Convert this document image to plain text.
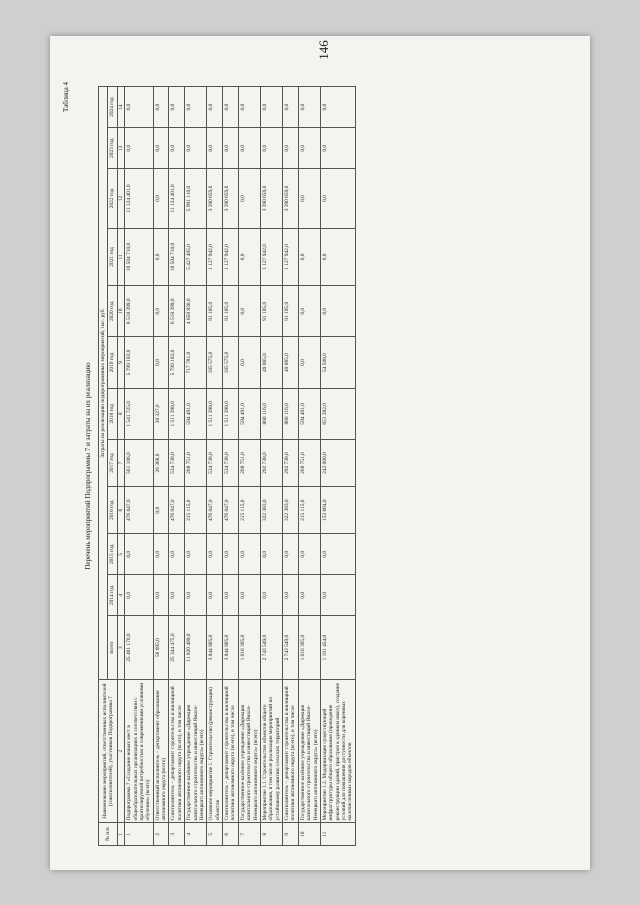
146
Таблица 4
Перечень мероприятий Подпрограммы 7 и затраты на их реализацию
№ п/п	Наименование мероприятий, ответственных исполнителей (соисполнителей), участников Подпрограммы 7	Затраты на реализацию подпрограммных мероприятий, тыс. руб.											
		всего	2014 год	2015 год	2016 год	2017 год	2018 год	2019 год	2020 год	2021 год	2022 год	2023 год	2024 год
1	2	3	4	5	6	7	8	9	10	11	12	13	14
1	Подпрограмма 7 «Создание новых мест в общеобразовательных организациях в соответствии с прогнозируемой потребностью и современными условиями обучения» (всего)	25 401 170,0	0,0	0,0	476 047,0	561 106,0	1 541 725,0	5 799 183,0	6 518 399,0	10 504 710,0	11 124 401,0	0,0	0,0
2	Ответственный исполнитель – департамент образования автономного округа (всего)	56 695,0	0,0	0,0	0,0	26 368,0	30 327,0	0,0	0,0	0,0	0,0	0,0	0,0
3	Соисполнитель – департамент строительства и жилищной политики автономного округа (всего), в том числе	25 344 475,0	0,0	0,0	476 047,0	534 738,0	1 511 398,0	5 799 183,0	6 518 399,0	10 504 710,0	11 124 401,0	0,0	0,0
4	Государственное казённое учреждение «Дирекция капитального строительства и инвестиций Ямало-Ненецкого автономного округа» (всего)	11 820 499,0	0,0	0,0	215 115,0	208 751,0	594 491,0	717 781,0	4 658 830,0	5 427 495,0	5 991 110,0	0,0	0,0
5	Основное мероприятие 1. Строительство (реконструкция) объектов	3 844 805,0	0,0	0,0	476 047,0	534 738,0	1 511 398,0	105 575,0	91 105,0	1 127 942,0	3 390 659,0	0,0	0,0
6	Соисполнитель – департамент строительства и жилищной политики автономного округа (всего), в том числе	3 844 805,0	0,0	0,0	476 047,0	534 738,0	1 511 398,0	105 575,0	91 105,0	1 127 942,0	3 390 659,0	0,0	0,0
7	Государственное казённое учреждение «Дирекция капитального строительства и инвестиций Ямало-Ненецкого автономного округа» (всего)	1 016 395,0	0,0	0,0	215 115,0	208 751,0	594 491,0	0,0	0,0	0,0	0,0	0,0	0,0
8	Мероприятие 1.1. Строительство объектов общего образования, в том числе реализация мероприятий по устойчивому развитию сельских территорий	2 743 549,0	0,0	0,0	322 383,0	292 738,0	860 116,0	49 065,0	91 105,0	1 127 942,0	3 390 659,0	0,0	0,0
9	Соисполнитель – департамент строительства и жилищной политики автономного округа (всего), в том числе	2 743 549,0	0,0	0,0	322 383,0	292 738,0	860 116,0	49 065,0	91 105,0	1 127 942,0	3 390 659,0	0,0	0,0
10	Государственное казённое учреждение «Дирекция капитального строительства и инвестиций Ямало-Ненецкого автономного округа» (всего)	1 016 395,0	0,0	0,0	215 115,0	208 751,0	594 491,0	0,0	0,0	0,0	0,0	0,0	0,0
11	Мероприятие 1.2. Модернизация существующей инфраструктуры общего образования (проведение реконструкции зданий, пристроя к зданиям школ), создание условий для повышения доступности для коренных малочисленных народов объектов	1 101 454,0	0,0	0,0	153 664,0	242 000,0	651 282,0	54 508,0	0,0	0,0	0,0	0,0	0,0
